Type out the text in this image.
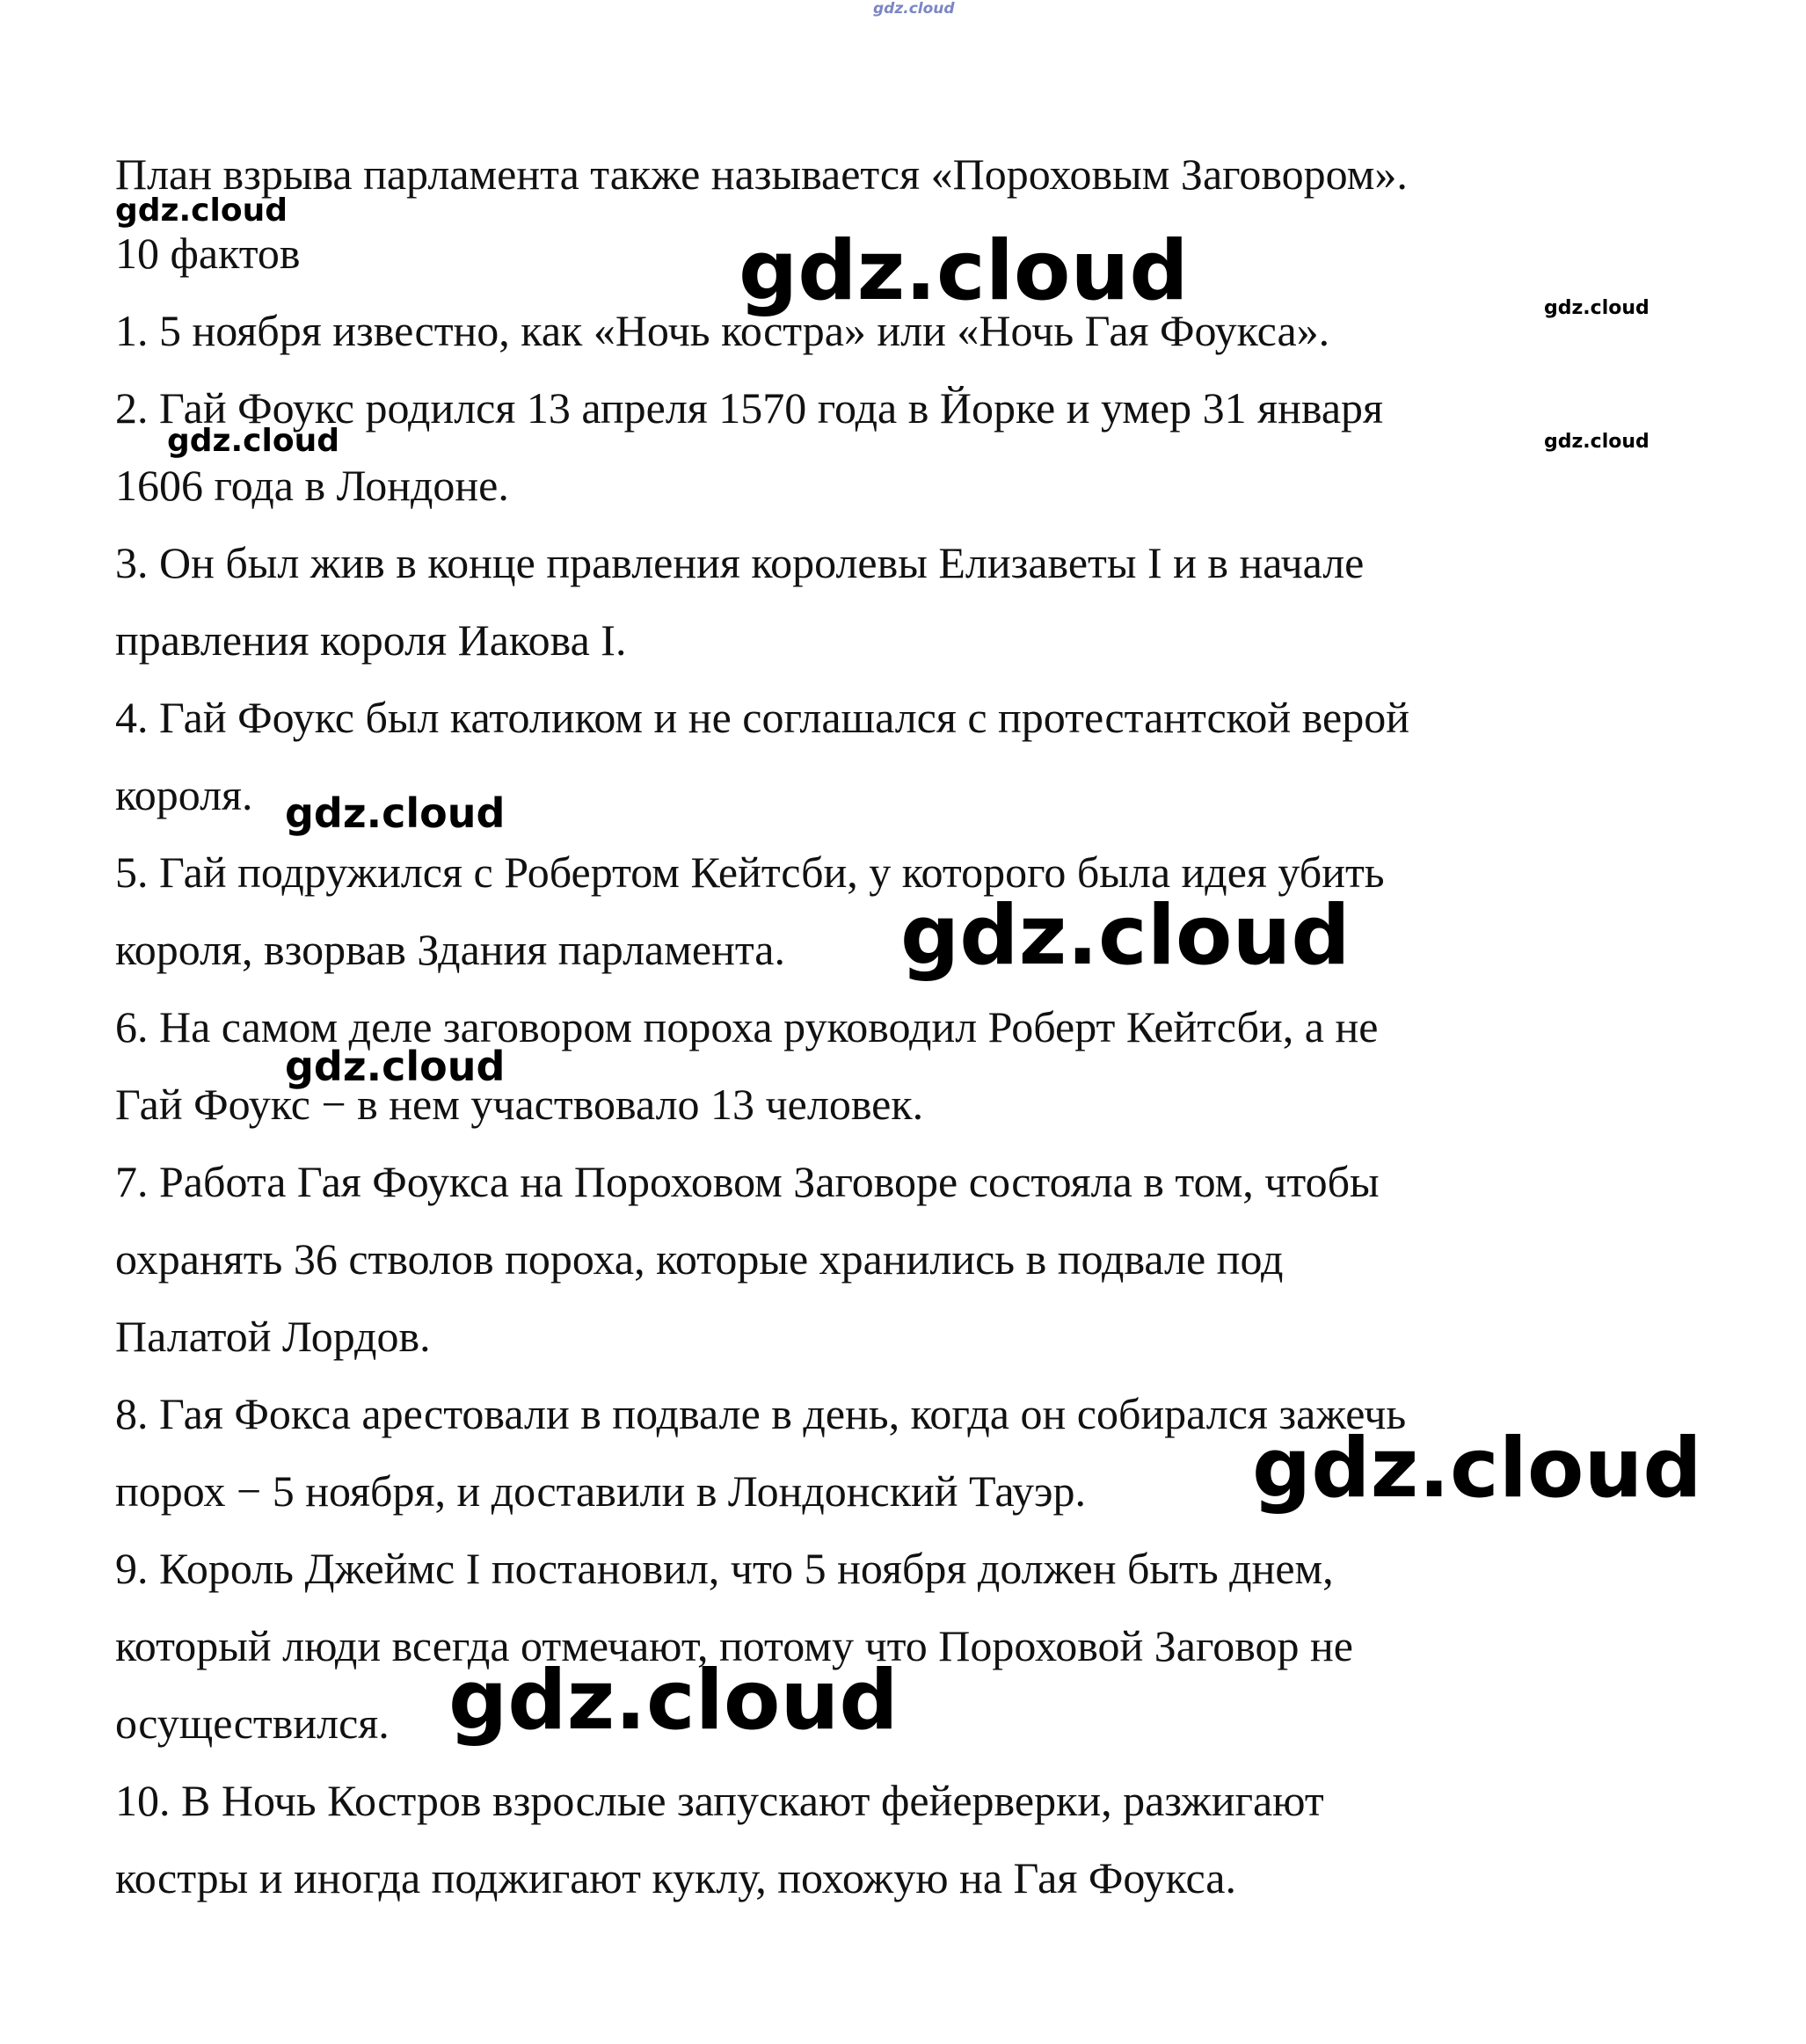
План взрыва парламента также называется «Пороховым Заговором».
10 фактов
1. 5 ноября известно, как «Ночь костра» или «Ночь Гая Фоукса».
2. Гай Фоукс родился 13 апреля 1570 года в Йорке и умер 31 января
1606 года в Лондоне.
3. Он был жив в конце правления королевы Елизаветы I и в начале
правления короля Иакова I.
4. Гай Фоукс был католиком и не соглашался с протестантской верой
короля.
5. Гай подружился с Робертом Кейтсби, у которого была идея убить
короля, взорвав Здания парламента.
6. На самом деле заговором пороха руководил Роберт Кейтсби, а не
Гай Фоукс − в нем участвовало 13 человек.
7. Работа Гая Фоукса на Пороховом Заговоре состояла в том, чтобы
охранять 36 стволов пороха, которые хранились в подвале под
Палатой Лордов.
8. Гая Фокса арестовали в подвале в день, когда он собирался зажечь
порох − 5 ноября, и доставили в Лондонский Тауэр.
9. Король Джеймс I постановил, что 5 ноября должен быть днем,
который люди всегда отмечают, потому что Пороховой Заговор не
осуществился.
10. В Ночь Костров взрослые запускают фейерверки, разжигают
костры и иногда поджигают куклу, похожую на Гая Фоукса.
gdz.cloud
gdz.cloud
gdz.cloud	gdz.cloud
gdz.cloud	gdz.cloud
gdz.cloud
gdz.cloud
gdz.cloud
gdz.cloud
gdz.cloud
